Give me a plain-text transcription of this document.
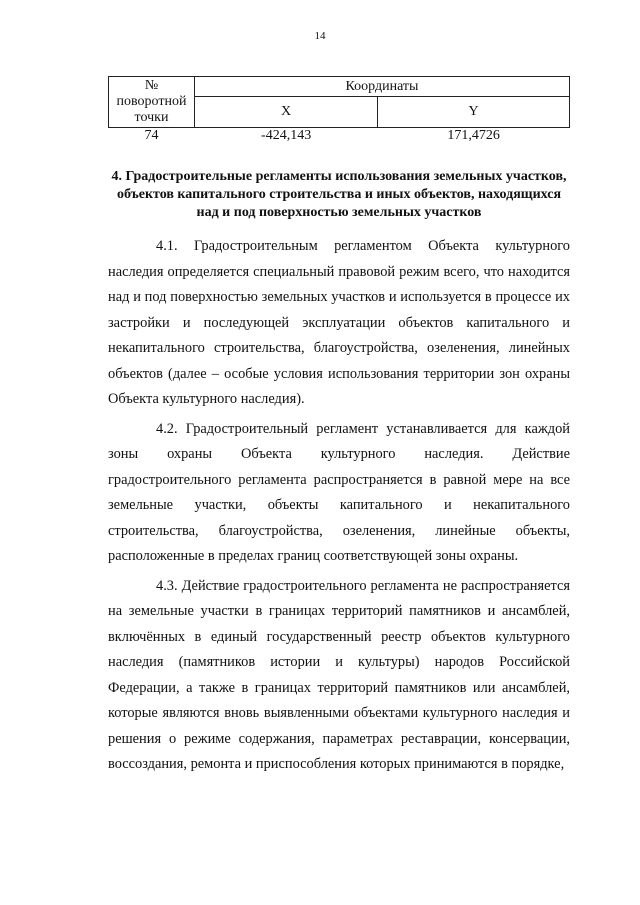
14
№ поворотной точки	Координаты	
	X	Y
74	-424,143	171,4726
4. Градостроительные регламенты использования земельных участков, объектов капитального строительства и иных объектов, находящихся над и под поверхностью земельных участков

4.1. Градостроительным регламентом Объекта культурного наследия определяется специальный правовой режим всего, что находится над и под поверхностью земельных участков и используется в процессе их застройки и последующей эксплуатации объектов капитального и некапитального строительства, благоустройства, озеленения, линейных объектов (далее – особые условия использования территории зон охраны Объекта культурного наследия).

4.2. Градостроительный регламент устанавливается для каждой зоны охраны Объекта культурного наследия. Действие градостроительного регламента распространяется в равной мере на все земельные участки, объекты капитального и некапитального строительства, благоустройства, озеленения, линейные объекты, расположенные в пределах границ соответствующей зоны охраны.

4.3. Действие градостроительного регламента не распространяется на земельные участки в границах территорий памятников и ансамблей, включённых в единый государственный реестр объектов культурного наследия (памятников истории и культуры) народов Российской Федерации, а также в границах территорий памятников или ансамблей, которые являются вновь выявленными объектами культурного наследия и решения о режиме содержания, параметрах реставрации, консервации, воссоздания, ремонта и приспособления которых принимаются в порядке,
